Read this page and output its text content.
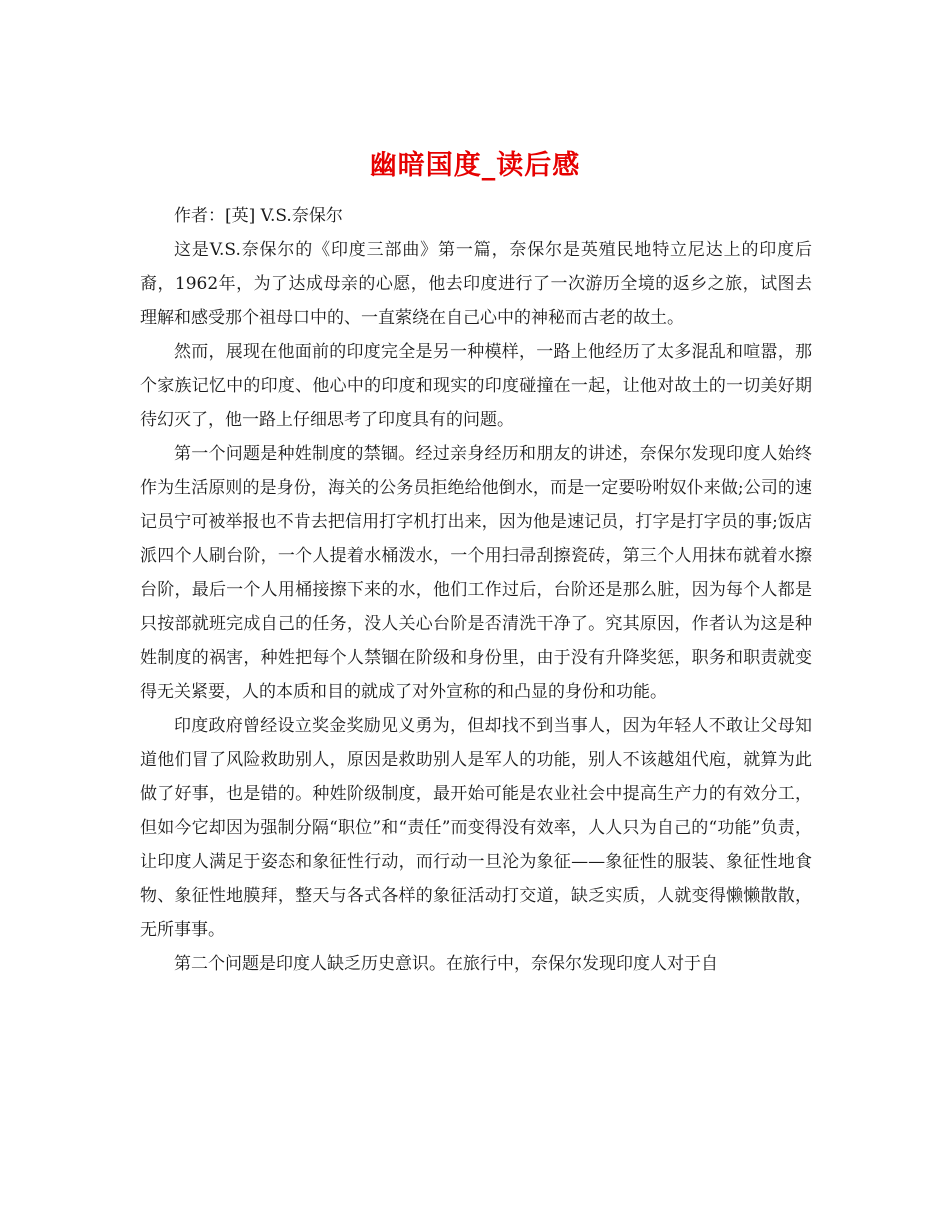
幽暗国度_读后感

作者：[英] V.S.奈保尔

这是V.S.奈保尔的《印度三部曲》第一篇，奈保尔是英殖民地特立尼达上的印度后裔，1962年，为了达成母亲的心愿，他去印度进行了一次游历全境的返乡之旅，试图去理解和感受那个祖母口中的、一直萦绕在自己心中的神秘而古老的故土。

然而，展现在他面前的印度完全是另一种模样，一路上他经历了太多混乱和喧嚣，那个家族记忆中的印度、他心中的印度和现实的印度碰撞在一起，让他对故土的一切美好期待幻灭了，他一路上仔细思考了印度具有的问题。

第一个问题是种姓制度的禁锢。经过亲身经历和朋友的讲述，奈保尔发现印度人始终作为生活原则的是身份，海关的公务员拒绝给他倒水，而是一定要吩咐奴仆来做;公司的速记员宁可被举报也不肯去把信用打字机打出来，因为他是速记员，打字是打字员的事;饭店派四个人刷台阶，一个人提着水桶泼水，一个用扫帚刮擦瓷砖，第三个人用抹布就着水擦台阶，最后一个人用桶接擦下来的水，他们工作过后，台阶还是那么脏，因为每个人都是只按部就班完成自己的任务，没人关心台阶是否清洗干净了。究其原因，作者认为这是种姓制度的祸害，种姓把每个人禁锢在阶级和身份里，由于没有升降奖惩，职务和职责就变得无关紧要，人的本质和目的就成了对外宣称的和凸显的身份和功能。

印度政府曾经设立奖金奖励见义勇为，但却找不到当事人，因为年轻人不敢让父母知道他们冒了风险救助别人，原因是救助别人是军人的功能，别人不该越俎代庖，就算为此做了好事，也是错的。种姓阶级制度，最开始可能是农业社会中提高生产力的有效分工，但如今它却因为强制分隔“职位”和“责任”而变得没有效率，人人只为自己的“功能”负责，让印度人满足于姿态和象征性行动，而行动一旦沦为象征——象征性的服装、象征性地食物、象征性地膜拜，整天与各式各样的象征活动打交道，缺乏实质，人就变得懒懒散散，无所事事。

第二个问题是印度人缺乏历史意识。在旅行中，奈保尔发现印度人对于自
